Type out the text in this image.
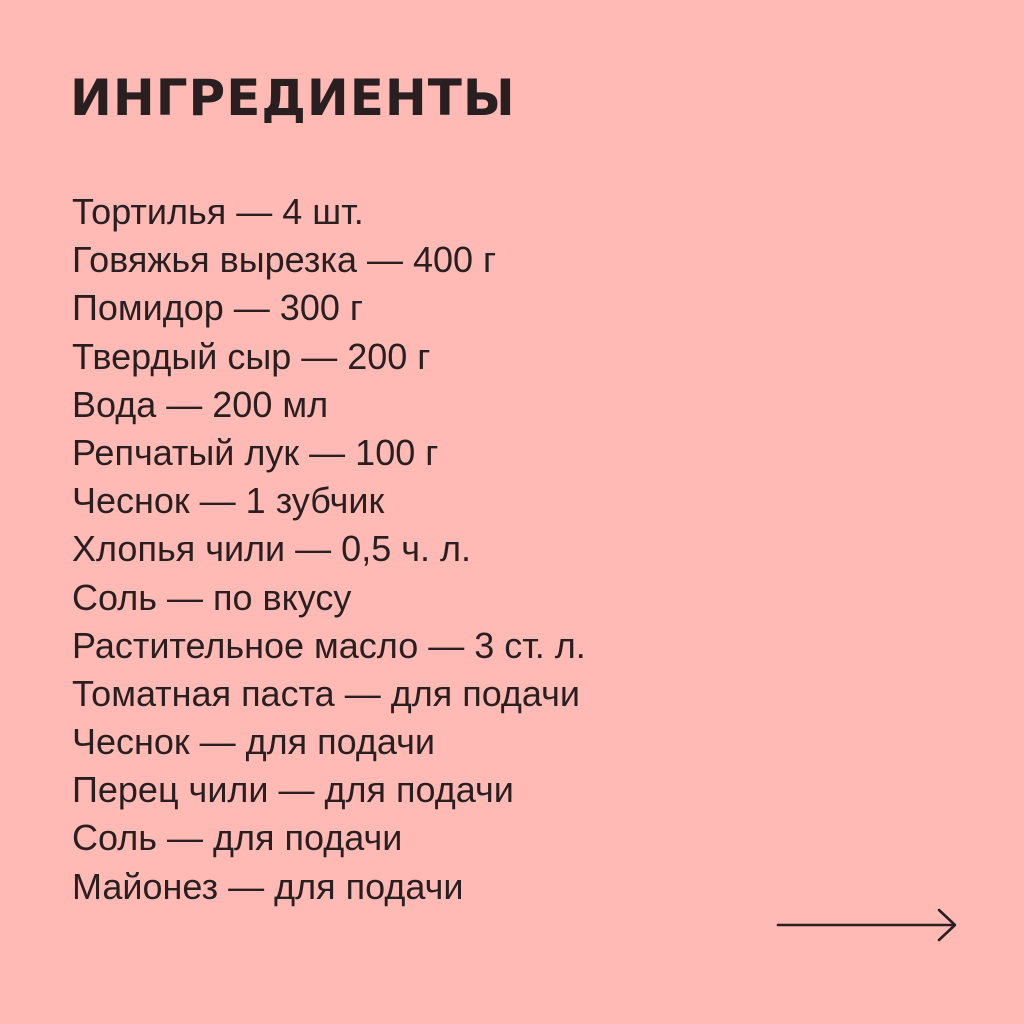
ИНГРЕДИЕНТЫ
Тортилья — 4 шт.
Говяжья вырезка — 400 г
Помидор — 300 г
Твердый сыр — 200 г
Вода — 200 мл
Репчатый лук — 100 г
Чеснок — 1 зубчик
Хлопья чили — 0,5 ч. л.
Соль — по вкусу
Растительное масло — 3 ст. л.
Томатная паста — для подачи
Чеснок — для подачи
Перец чили — для подачи
Соль — для подачи
Майонез — для подачи
